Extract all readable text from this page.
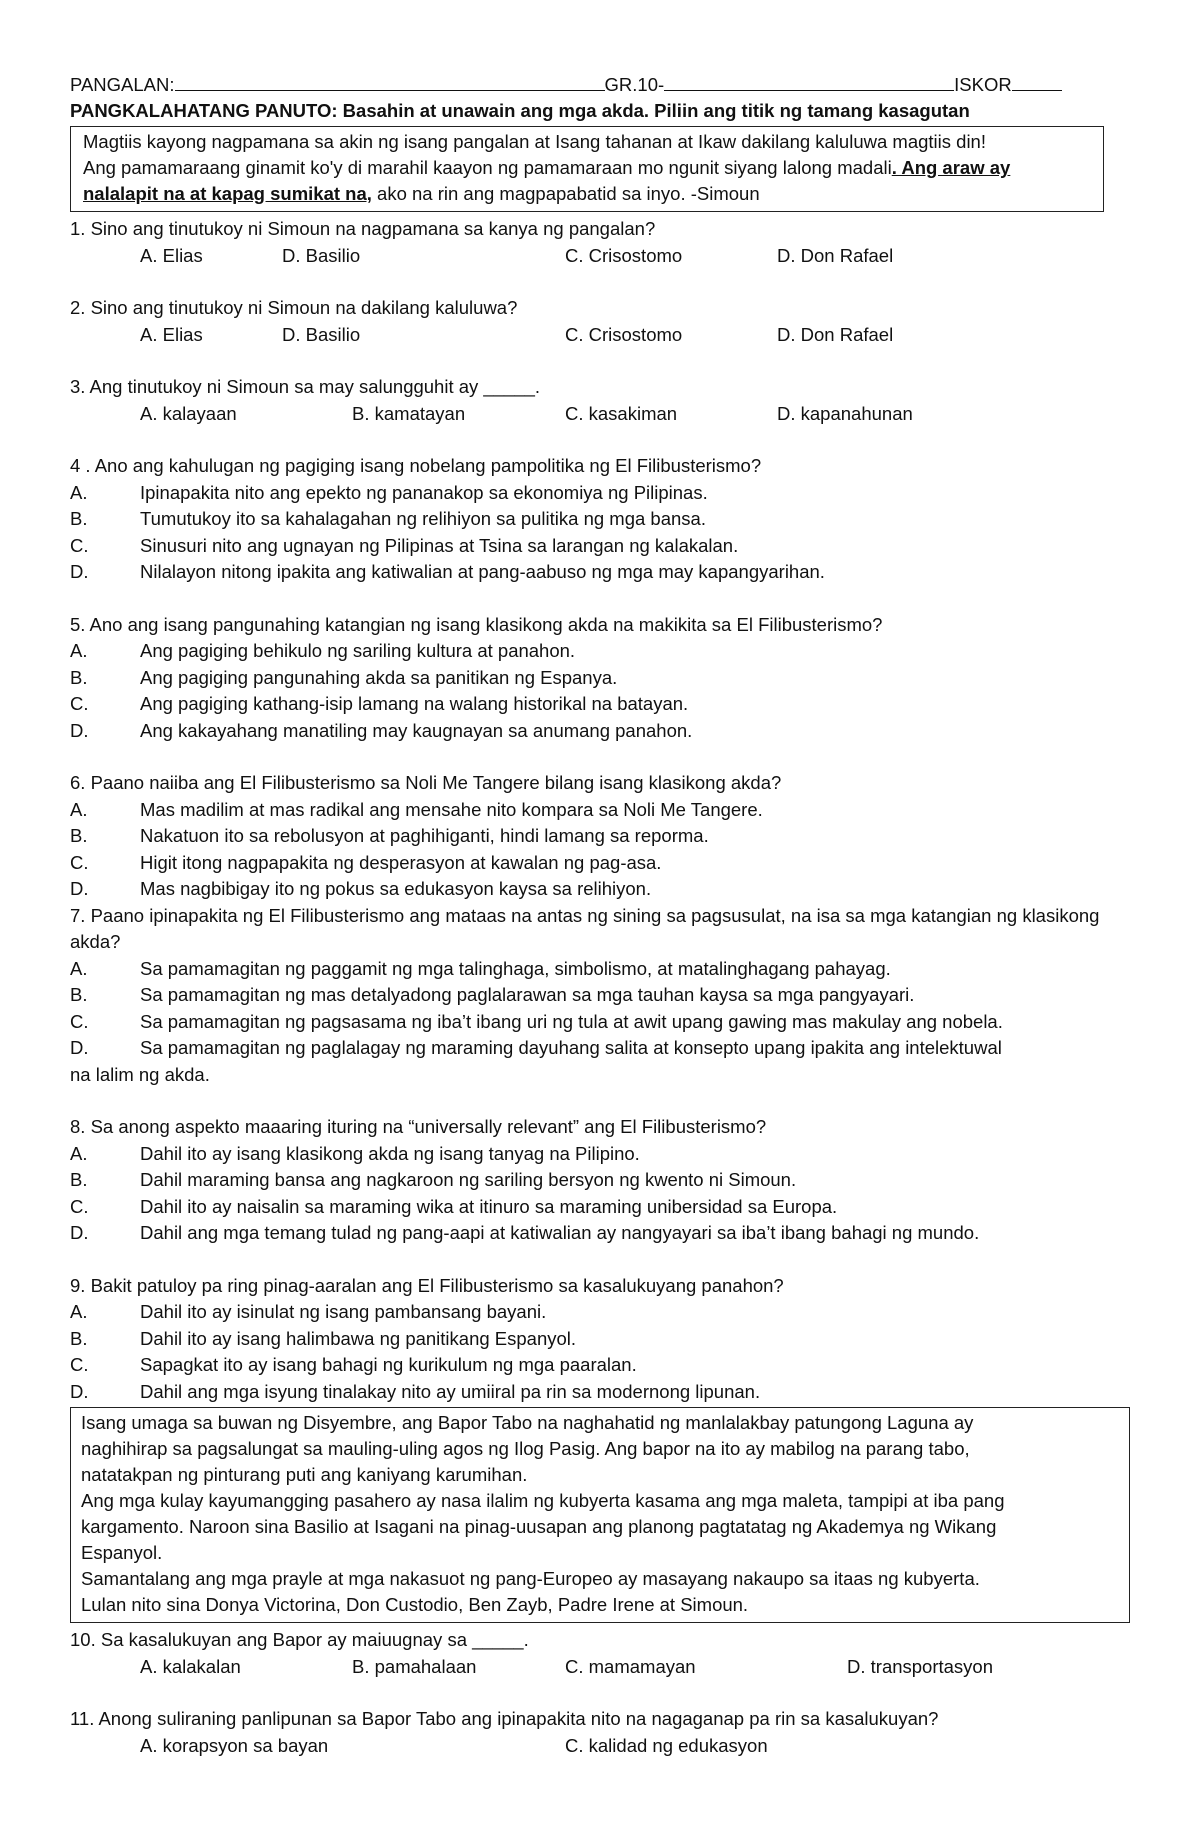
PANGALAN:	GR.10-	ISKOR
PANGKALAHATANG PANUTO: Basahin at unawain ang mga akda. Piliin ang titik ng tamang kasagutan

Magtiis kayong nagpamana sa akin ng isang pangalan at Isang tahanan at Ikaw dakilang kaluluwa magtiis din!

Ang pamamaraang ginamit ko'y di marahil kaayon ng pamamaraan mo ngunit siyang lalong madali. Ang araw ay

nalalapit na at kapag sumikat na, ako na rin ang magpapabatid sa inyo. -Simoun

1. Sino ang tinutukoy ni Simoun na nagpamana sa kanya ng pangalan?
A. Elias	D. Basilio	C. Crisostomo	D. Don Rafael
2. Sino ang tinutukoy ni Simoun na dakilang kaluluwa?
A. Elias	D. Basilio	C. Crisostomo	D. Don Rafael
3. Ang tinutukoy ni Simoun sa may salungguhit ay _____.
A. kalayaan	B. kamatayan	C. kasakiman	D. kapanahunan
4 . Ano ang kahulugan ng pagiging isang nobelang pampolitika ng El Filibusterismo?
A.	Ipinapakita nito ang epekto ng pananakop sa ekonomiya ng Pilipinas.
B.	Tumutukoy ito sa kahalagahan ng relihiyon sa pulitika ng mga bansa.
C.	Sinusuri nito ang ugnayan ng Pilipinas at Tsina sa larangan ng kalakalan.
D.	Nilalayon nitong ipakita ang katiwalian at pang-aabuso ng mga may kapangyarihan.
5. Ano ang isang pangunahing katangian ng isang klasikong akda na makikita sa El Filibusterismo?
A.	Ang pagiging behikulo ng sariling kultura at panahon.
B.	Ang pagiging pangunahing akda sa panitikan ng Espanya.
C.	Ang pagiging kathang-isip lamang na walang historikal na batayan.
D.	Ang kakayahang manatiling may kaugnayan sa anumang panahon.
6. Paano naiiba ang El Filibusterismo sa Noli Me Tangere bilang isang klasikong akda?
A.	Mas madilim at mas radikal ang mensahe nito kompara sa Noli Me Tangere.
B.	Nakatuon ito sa rebolusyon at paghihiganti, hindi lamang sa reporma.
C.	Higit itong nagpapakita ng desperasyon at kawalan ng pag-asa.
D.	Mas nagbibigay ito ng pokus sa edukasyon kaysa sa relihiyon.
7. Paano ipinapakita ng El Filibusterismo ang mataas na antas ng sining sa pagsusulat, na isa sa mga katangian ng klasikong akda?
A.	Sa pamamagitan ng paggamit ng mga talinghaga, simbolismo, at matalinghagang pahayag.
B.	Sa pamamagitan ng mas detalyadong paglalarawan sa mga tauhan kaysa sa mga pangyayari.
C.	Sa pamamagitan ng pagsasama ng iba’t ibang uri ng tula at awit upang gawing mas makulay ang nobela.
D.	Sa pamamagitan ng paglalagay ng maraming dayuhang salita at konsepto upang ipakita ang intelektuwal
na lalim ng akda.
8. Sa anong aspekto maaaring ituring na “universally relevant” ang El Filibusterismo?
A.	Dahil ito ay isang klasikong akda ng isang tanyag na Pilipino.
B.	Dahil maraming bansa ang nagkaroon ng sariling bersyon ng kwento ni Simoun.
C.	Dahil ito ay naisalin sa maraming wika at itinuro sa maraming unibersidad sa Europa.
D.	Dahil ang mga temang tulad ng pang-aapi at katiwalian ay nangyayari sa iba’t ibang bahagi ng mundo.
9. Bakit patuloy pa ring pinag-aaralan ang El Filibusterismo sa kasalukuyang panahon?
A.	Dahil ito ay isinulat ng isang pambansang bayani.
B.	Dahil ito ay isang halimbawa ng panitikang Espanyol.
C.	Sapagkat ito ay isang bahagi ng kurikulum ng mga paaralan.
D.	Dahil ang mga isyung tinalakay nito ay umiiral pa rin sa modernong lipunan.

Isang umaga sa buwan ng Disyembre, ang Bapor Tabo na naghahatid ng manlalakbay patungong Laguna ay

naghihirap sa pagsalungat sa mauling-uling agos ng Ilog Pasig. Ang bapor na ito ay mabilog na parang tabo,

natatakpan ng pinturang puti ang kaniyang karumihan.

Ang mga kulay kayumangging pasahero ay nasa ilalim ng kubyerta kasama ang mga maleta, tampipi at iba pang

kargamento. Naroon sina Basilio at Isagani na pinag-uusapan ang planong pagtatatag ng Akademya ng Wikang

Espanyol.

Samantalang ang mga prayle at mga nakasuot ng pang-Europeo ay masayang nakaupo sa itaas ng kubyerta.

Lulan nito sina Donya Victorina, Don Custodio, Ben Zayb, Padre Irene at Simoun.

10. Sa kasalukuyan ang Bapor ay maiuugnay sa _____.
A. kalakalan	B. pamahalaan	C. mamamayan	D. transportasyon
11. Anong suliraning panlipunan sa Bapor Tabo ang ipinapakita nito na nagaganap pa rin sa kasalukuyan?
A. korapsyon sa bayan	C. kalidad ng edukasyon
